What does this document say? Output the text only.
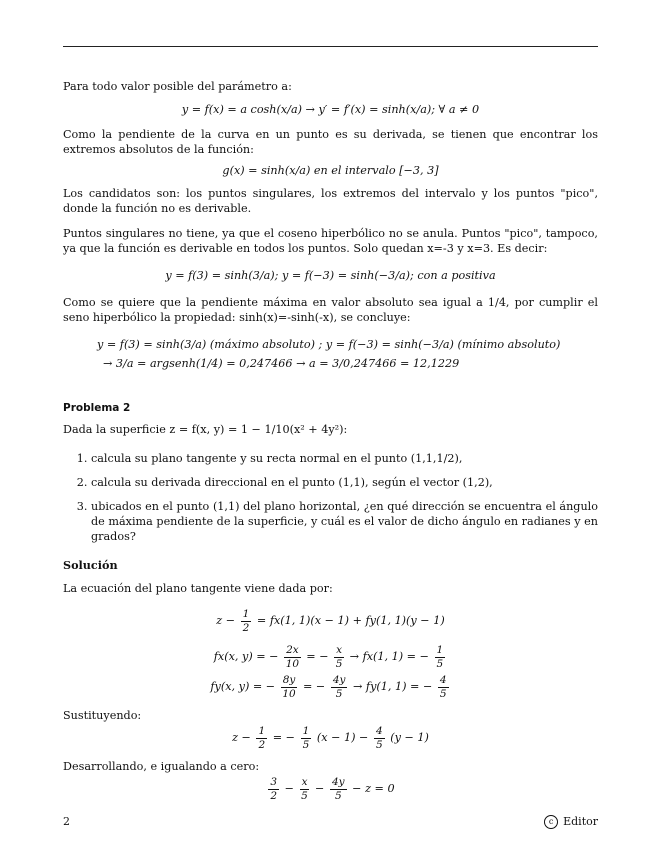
Para todo valor posible del parámetro a:

y = f(x) = a cosh(x/a) → y′ = f′(x) = sinh(x/a); ∀ a ≠ 0

Como la pendiente de la curva en un punto es su derivada, se tienen que encontrar los extremos absolutos de la función:

g(x) = sinh(x/a) en el intervalo [−3, 3]

Los candidatos son: los puntos singulares, los extremos del intervalo y los puntos "pico", donde la función no es derivable.

Puntos singulares no tiene, ya que el coseno hiperbólico no se anula. Puntos "pico", tampoco, ya que la función es derivable en todos los puntos. Solo quedan x=-3 y x=3. Es decir:

y = f(3) = sinh(3/a); y = f(−3) = sinh(−3/a); con a positiva

Como se quiere que la pendiente máxima en valor absoluto sea igual a 1/4, por cumplir el seno hiperbólico la propiedad: sinh(x)=-sinh(-x), se concluye:

y = f(3) = sinh(3/a) (máximo absoluto) ; y = f(−3) = sinh(−3/a) (mínimo absoluto)

→ 3/a = argsenh(1/4) = 0,247466 → a = 3/0,247466 = 12,1229

Problema 2

Dada la superficie z = f(x, y) = 1 − 1/10(x² + 4y²):

1. calcula su plano tangente y su recta normal en el punto (1,1,1/2),
2. calcula su derivada direccional en el punto (1,1), según el vector (1,2),
3. ubicados en el punto (1,1) del plano horizontal, ¿en qué dirección se encuentra el ángulo de máxima pendiente de la superficie, y cuál es el valor de dicho ángulo en radianes y en grados?

Solución

La ecuación del plano tangente viene dada por:

$z - \frac{1}{2} = fx(1$, 1)(x − 1) + fy(1, 1)(y − 1)
fx(x, y) = − $\frac{2x}{10}$ = − $\frac{x}{5} \to fx(1$, 1) = − $\frac{1}{5}$
fy(x, y) = − $\frac{8y}{10}$ = − $\frac{4y}{5} \to fy(1$, 1) = − $\frac{4}{5}$

Sustituyendo:

$z - \frac{1}{2}$ = − $\frac{1}{5} (x - 1) - \frac{4}{5} (y - 1)$

Desarrollando, e igualando a cero:

$\frac{3}{2} - \frac{x}{5} - \frac{4y}{5} - z = 0$
2	c Editor
